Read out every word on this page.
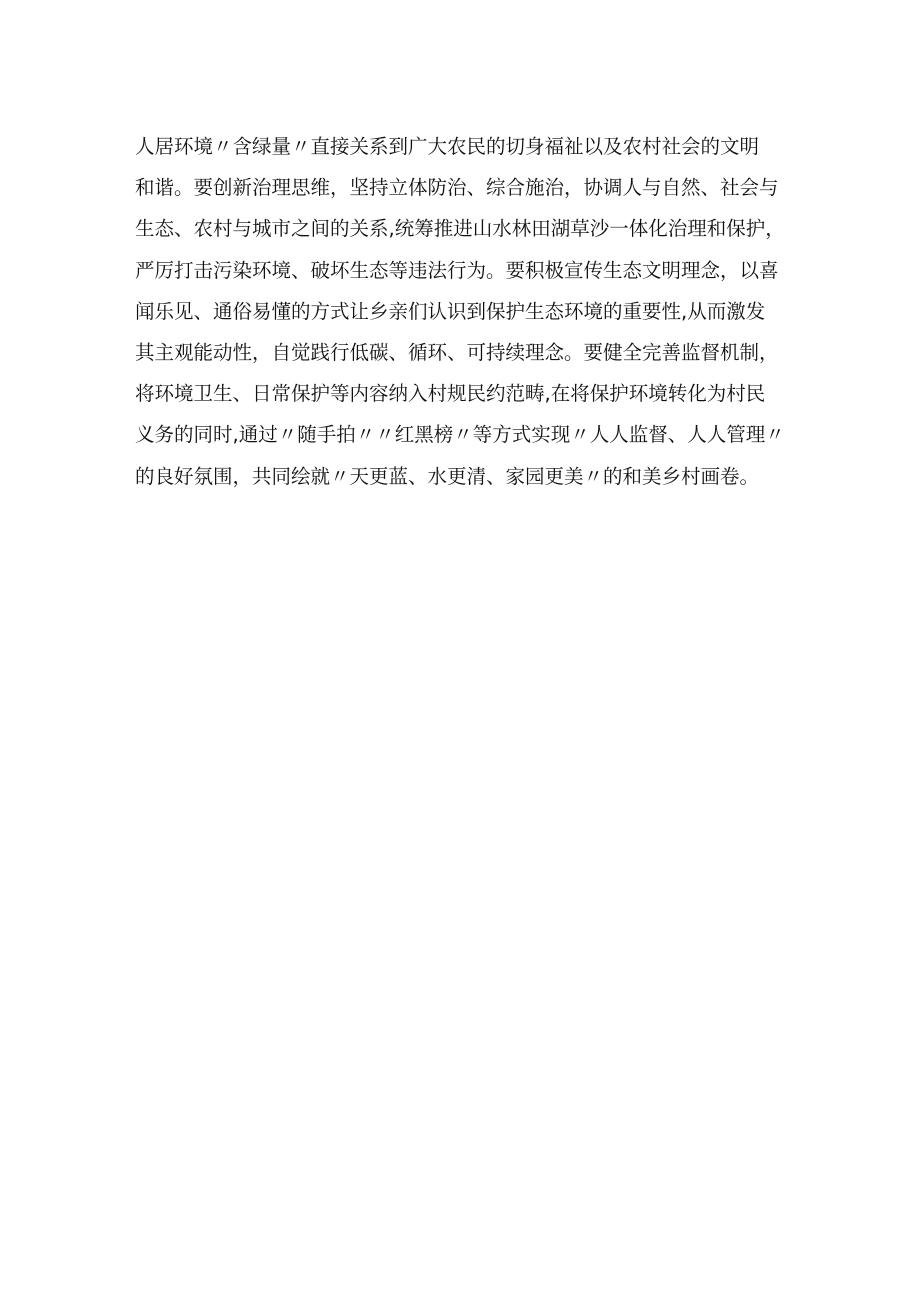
人居环境〃含绿量〃直接关系到广大农民的切身福祉以及农村社会的文明
和谐。要创新治理思维，坚持立体防治、综合施治，协调人与自然、社会与
生态、农村与城市之间的关系,统筹推进山水林田湖草沙一体化治理和保护，
严厉打击污染环境、破坏生态等违法行为。要积极宣传生态文明理念，以喜
闻乐见、通俗易懂的方式让乡亲们认识到保护生态环境的重要性,从而激发
其主观能动性，自觉践行低碳、循环、可持续理念。要健全完善监督机制，
将环境卫生、日常保护等内容纳入村规民约范畴,在将保护环境转化为村民
义务的同时,通过〃随手拍〃〃红黑榜〃等方式实现〃人人监督、人人管理〃
的良好氛围，共同绘就〃天更蓝、水更清、家园更美〃的和美乡村画卷。
